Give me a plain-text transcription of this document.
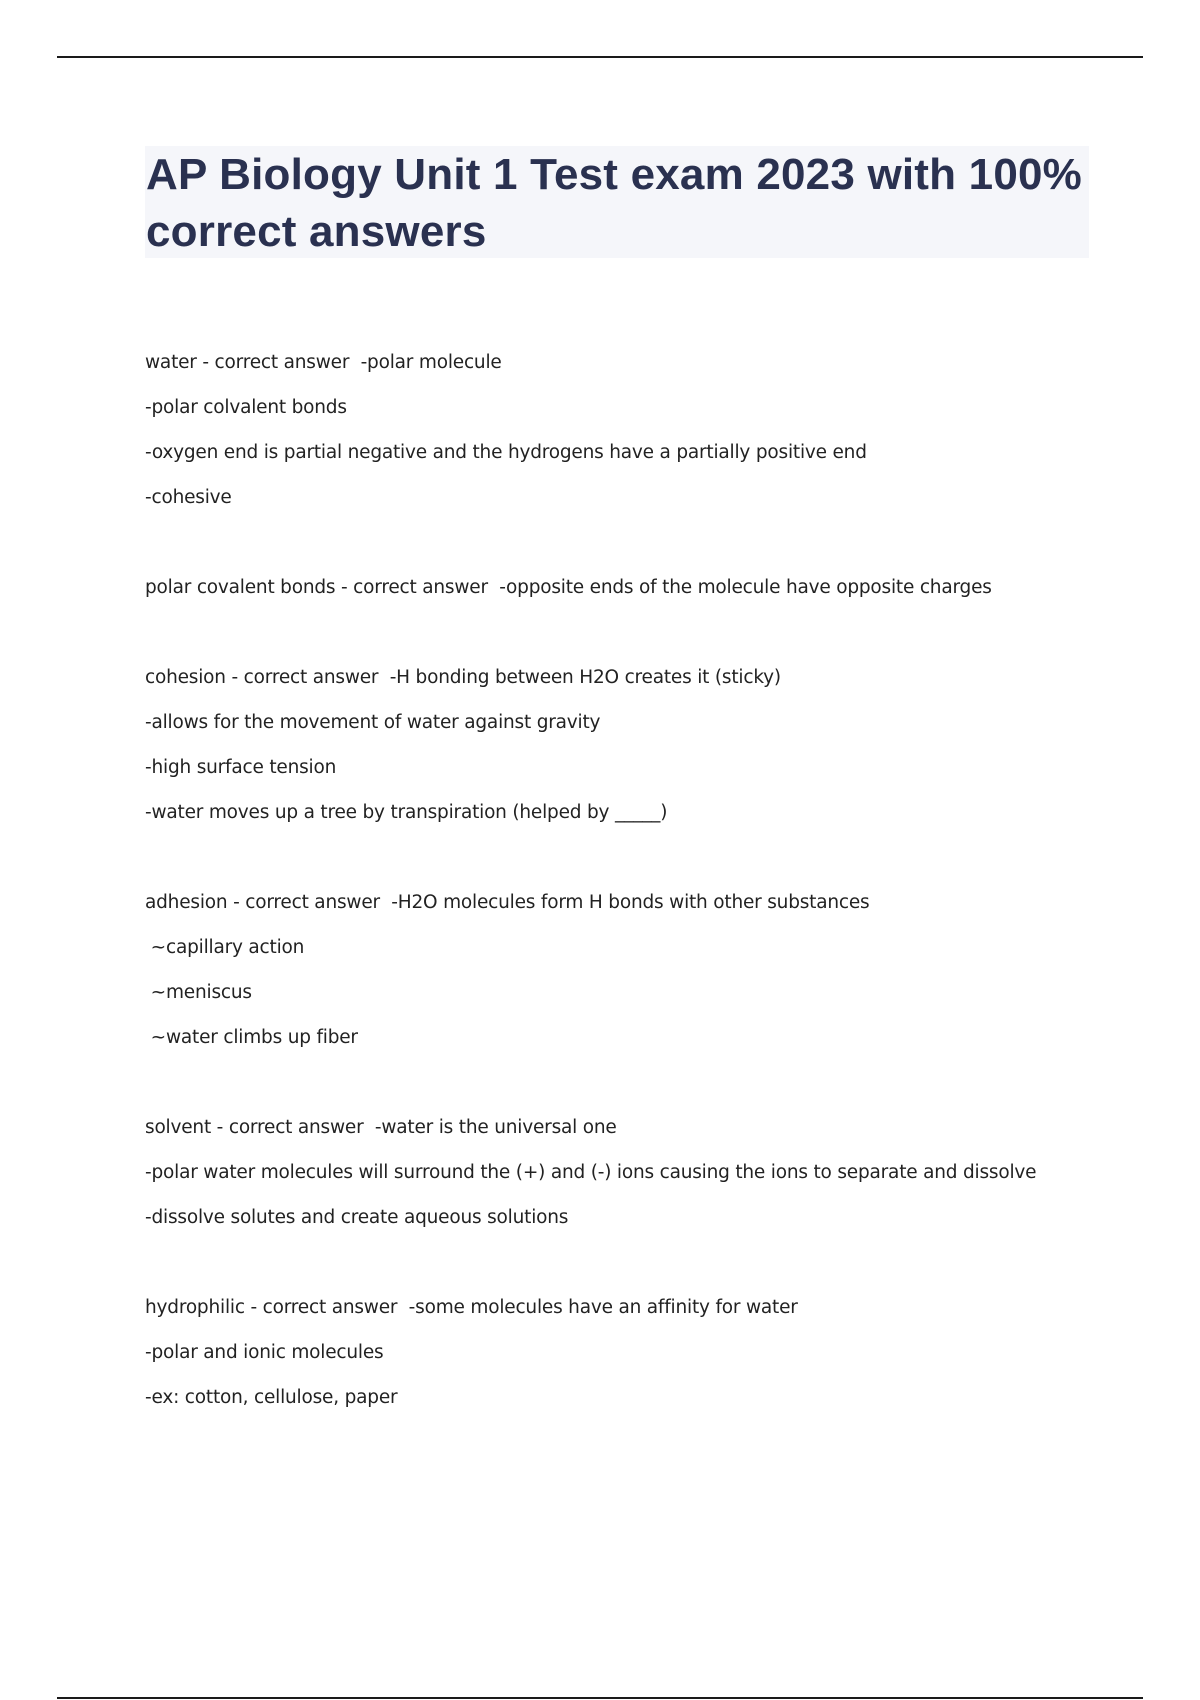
AP Biology Unit 1 Test exam 2023 with 100% correct answers
water - correct answer  -polar molecule
-polar colvalent bonds
-oxygen end is partial negative and the hydrogens have a partially positive end
-cohesive
polar covalent bonds - correct answer  -opposite ends of the molecule have opposite charges
cohesion - correct answer  -H bonding between H2O creates it (sticky)
-allows for the movement of water against gravity
-high surface tension
-water moves up a tree by transpiration (helped by _____)
adhesion - correct answer  -H2O molecules form H bonds with other substances
~capillary action
~meniscus
~water climbs up fiber
solvent - correct answer  -water is the universal one
-polar water molecules will surround the (+) and (-) ions causing the ions to separate and dissolve
-dissolve solutes and create aqueous solutions
hydrophilic - correct answer  -some molecules have an affinity for water
-polar and ionic molecules
-ex: cotton, cellulose, paper
